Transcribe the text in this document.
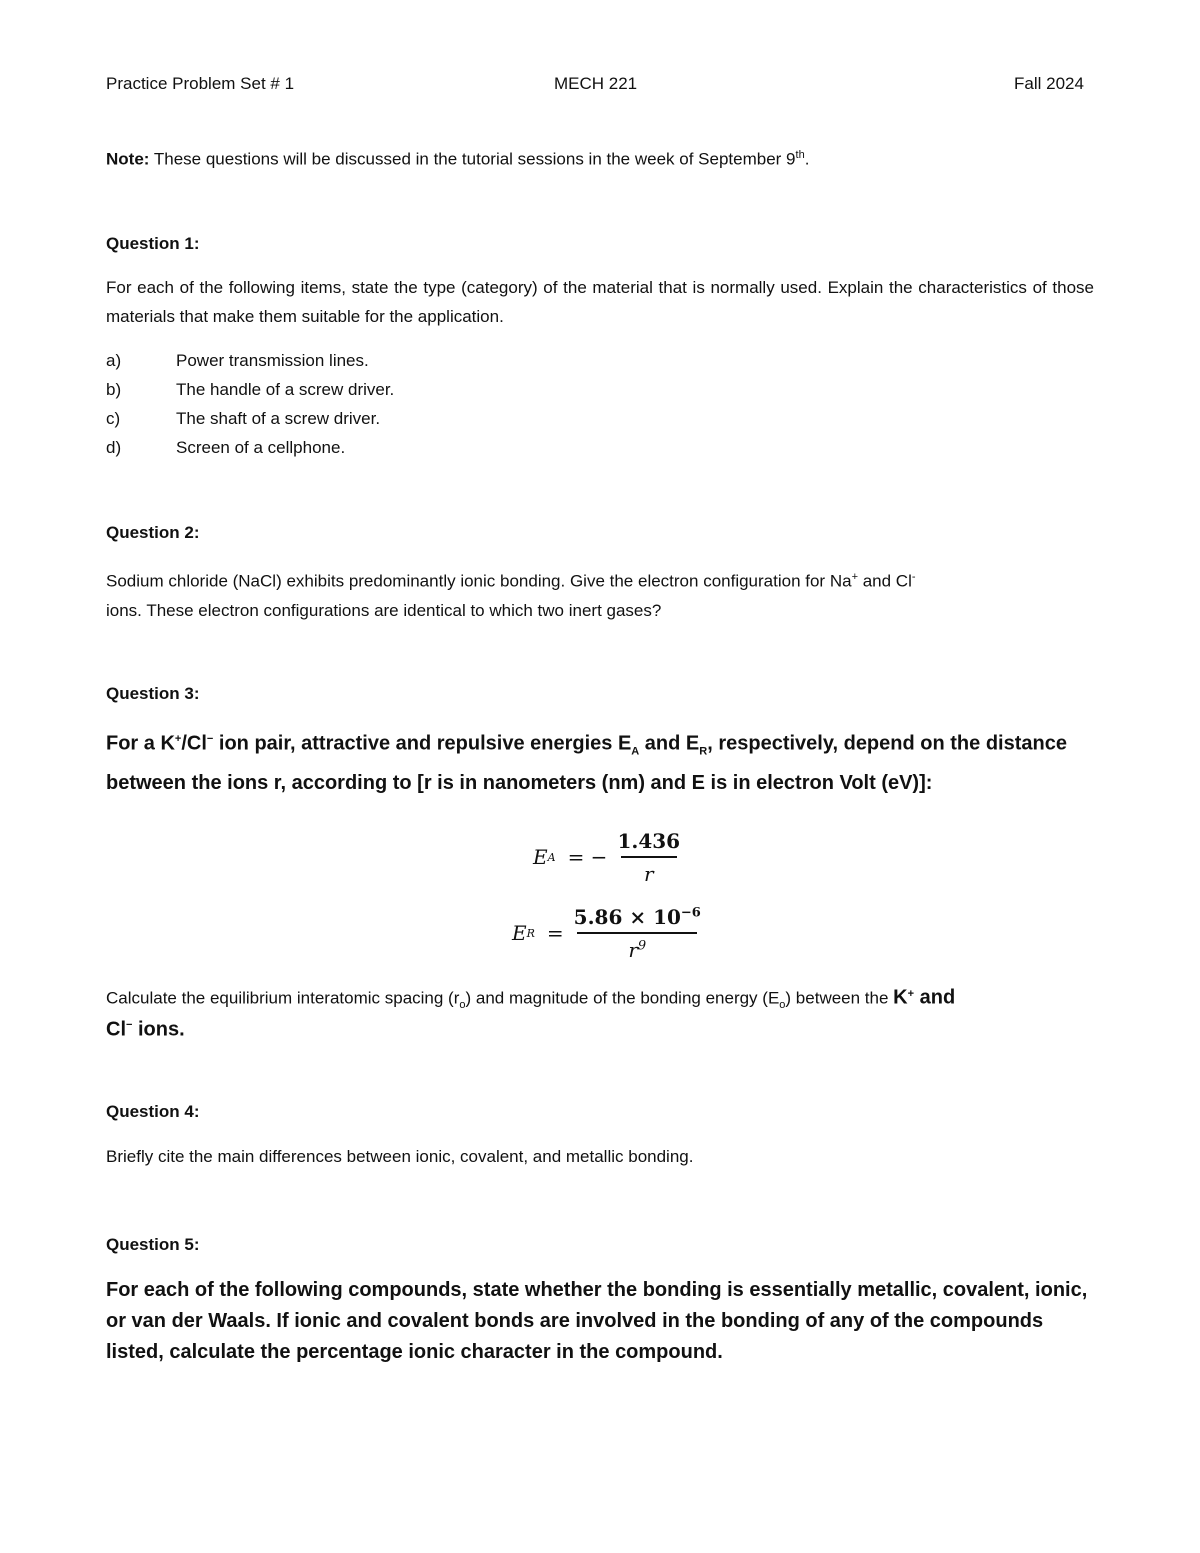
Practice Problem Set # 1	MECH 221	Fall 2024
Note: These questions will be discussed in the tutorial sessions in the week of September 9th.
Question 1:
For each of the following items, state the type (category) of the material that is normally used. Explain the characteristics of those materials that make them suitable for the application.
a)	Power transmission lines.
b)	The handle of a screw driver.
c)	The shaft of a screw driver.
d)	Screen of a cellphone.
Question 2:
Sodium chloride (NaCl) exhibits predominantly ionic bonding. Give the electron configuration for Na+ and Cl-
ions. These electron configurations are identical to which two inert gases?
Question 3:
For a K+/Cl− ion pair, attractive and repulsive energies $E_A$ and $E_R$, respectively, depend on the distance
between the ions r, according to [r is in nanometers (nm) and E is in electron Volt (eV)]:
E A = − $\frac{1.436}{r}$
E $R = \frac{5.86 \times 10^{-6}}{r^9}$
Calculate the equilibrium interatomic spacing $(r_o)$ and magnitude of the bonding energy $(E_o)$ between the K+ and
Cl− ions.
Question 4:
Briefly cite the main differences between ionic, covalent, and metallic bonding.
Question 5:
For each of the following compounds, state whether the bonding is essentially metallic, covalent, ionic,
or van der Waals. If ionic and covalent bonds are involved in the bonding of any of the compounds
listed, calculate the percentage ionic character in the compound.
